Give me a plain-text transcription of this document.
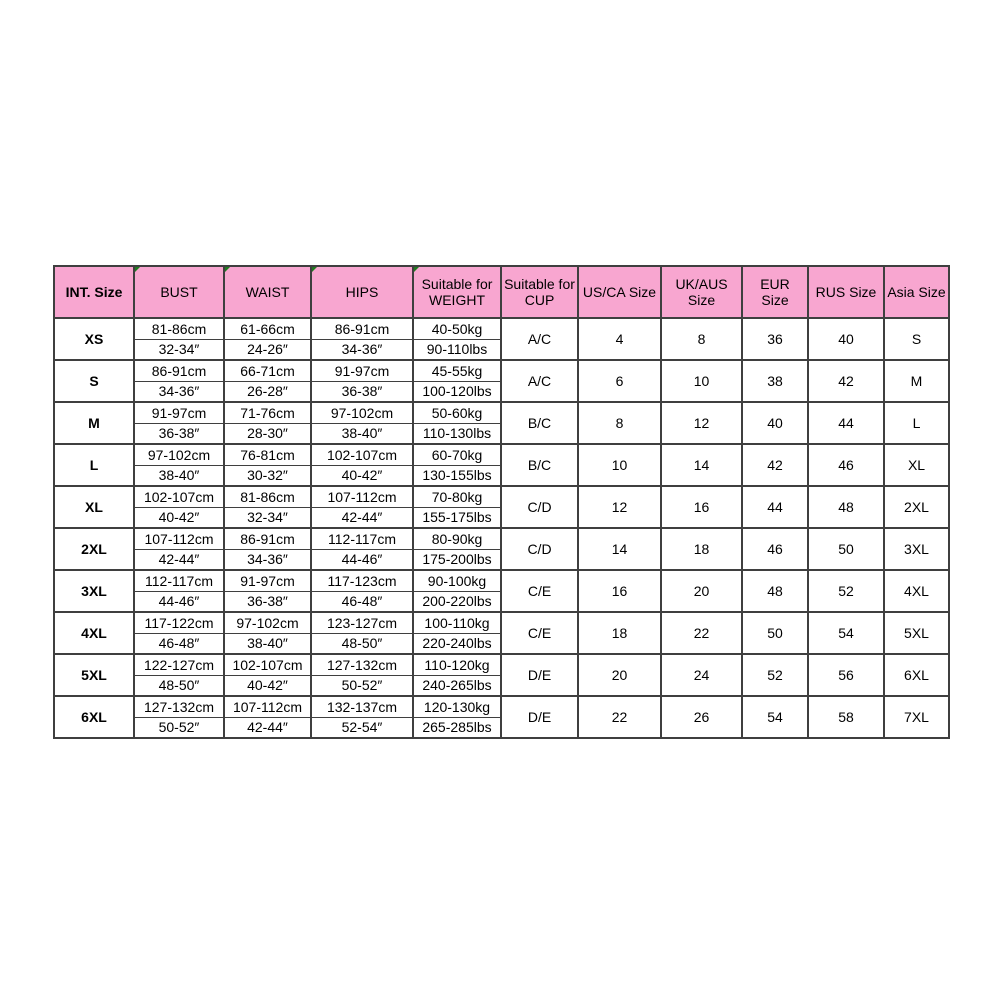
INT. Size	BUST	WAIST	HIPS	Suitable for WEIGHT	Suitable for CUP	US/CA Size	UK/AUS Size	EUR Size	RUS Size	Asia Size
XS	81-86cm	61-66cm	86-91cm	40-50kg	A/C	4	8	36	40	S
	32-34″	24-26″	34-36″	90-110lbs						
S	86-91cm	66-71cm	91-97cm	45-55kg	A/C	6	10	38	42	M
	34-36″	26-28″	36-38″	100-120lbs						
M	91-97cm	71-76cm	97-102cm	50-60kg	B/C	8	12	40	44	L
	36-38″	28-30″	38-40″	110-130lbs						
L	97-102cm	76-81cm	102-107cm	60-70kg	B/C	10	14	42	46	XL
	38-40″	30-32″	40-42″	130-155lbs						
XL	102-107cm	81-86cm	107-112cm	70-80kg	C/D	12	16	44	48	2XL
	40-42″	32-34″	42-44″	155-175lbs						
2XL	107-112cm	86-91cm	112-117cm	80-90kg	C/D	14	18	46	50	3XL
	42-44″	34-36″	44-46″	175-200lbs						
3XL	112-117cm	91-97cm	117-123cm	90-100kg	C/E	16	20	48	52	4XL
	44-46″	36-38″	46-48″	200-220lbs						
4XL	117-122cm	97-102cm	123-127cm	100-110kg	C/E	18	22	50	54	5XL
	46-48″	38-40″	48-50″	220-240lbs						
5XL	122-127cm	102-107cm	127-132cm	110-120kg	D/E	20	24	52	56	6XL
	48-50″	40-42″	50-52″	240-265lbs						
6XL	127-132cm	107-112cm	132-137cm	120-130kg	D/E	22	26	54	58	7XL
	50-52″	42-44″	52-54″	265-285lbs						
